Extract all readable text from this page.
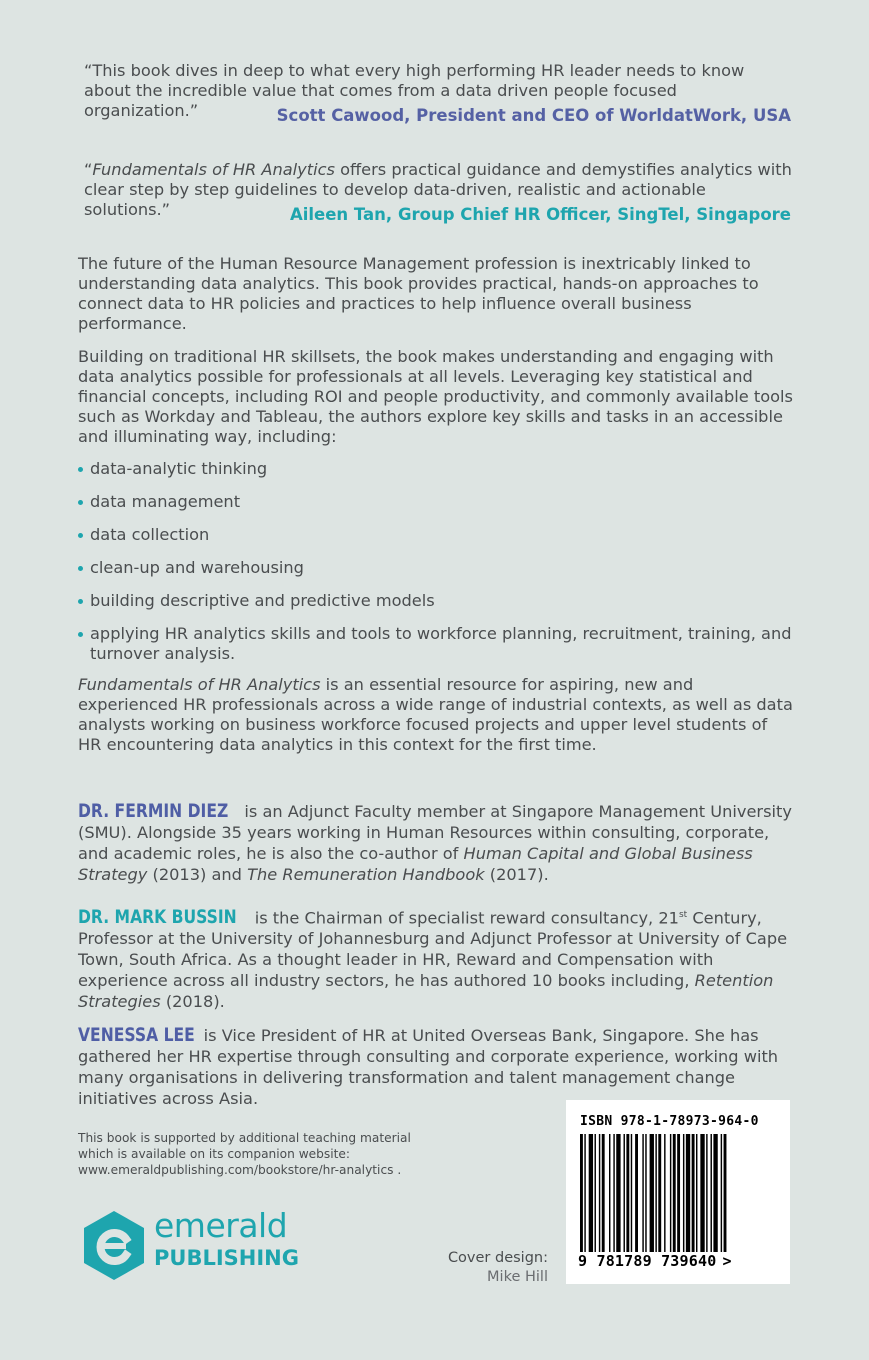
“This book dives in deep to what every high performing HR leader needs to know about the incredible value that comes from a data driven people focused organization.”	Scott Cawood, President and CEO of WorldatWork, USA
“Fundamentals of HR Analytics offers practical guidance and demystifies analytics with clear step by step guidelines to develop data-driven, realistic and actionable solutions.”	Aileen Tan, Group Chief HR Officer, SingTel, Singapore
The future of the Human Resource Management profession is inextricably linked to understanding data analytics. This book provides practical, hands-on approaches to connect data to HR policies and practices to help influence overall business performance.
Building on traditional HR skillsets, the book makes understanding and engaging with data analytics possible for professionals at all levels. Leveraging key statistical and financial concepts, including ROI and people productivity, and commonly available tools such as Workday and Tableau, the authors explore key skills and tasks in an accessible and illuminating way, including:
data-analytic thinking
data management
data collection
clean-up and warehousing
building descriptive and predictive models
applying HR analytics skills and tools to workforce planning, recruitment, training, and turnover analysis.
Fundamentals of HR Analytics is an essential resource for aspiring, new and experienced HR professionals across a wide range of industrial contexts, as well as data analysts working on business workforce focused projects and upper level students of HR encountering data analytics in this context for the first time.
DR. FERMIN DIEZ is an Adjunct Faculty member at Singapore Management University (SMU). Alongside 35 years working in Human Resources within consulting, corporate, and academic roles, he is also the co-author of Human Capital and Global Business Strategy (2013) and The Remuneration Handbook (2017).
DR. MARK BUSSIN is the Chairman of specialist reward consultancy, 21st Century, Professor at the University of Johannesburg and Adjunct Professor at University of Cape Town, South Africa. As a thought leader in HR, Reward and Compensation with experience across all industry sectors, he has authored 10 books including, Retention Strategies (2018).
VENESSA LEE is Vice President of HR at United Overseas Bank, Singapore. She has gathered her HR expertise through consulting and corporate experience, working with many organisations in delivering transformation and talent management change initiatives across Asia.
This book is supported by additional teaching material
which is available on its companion website:
www.emeraldpublishing.com/bookstore/hr-analytics .
emerald
PUBLISHING	Cover design:
Mike Hill
ISBN 978-1-78973-964-0
9 781789 739640 >
